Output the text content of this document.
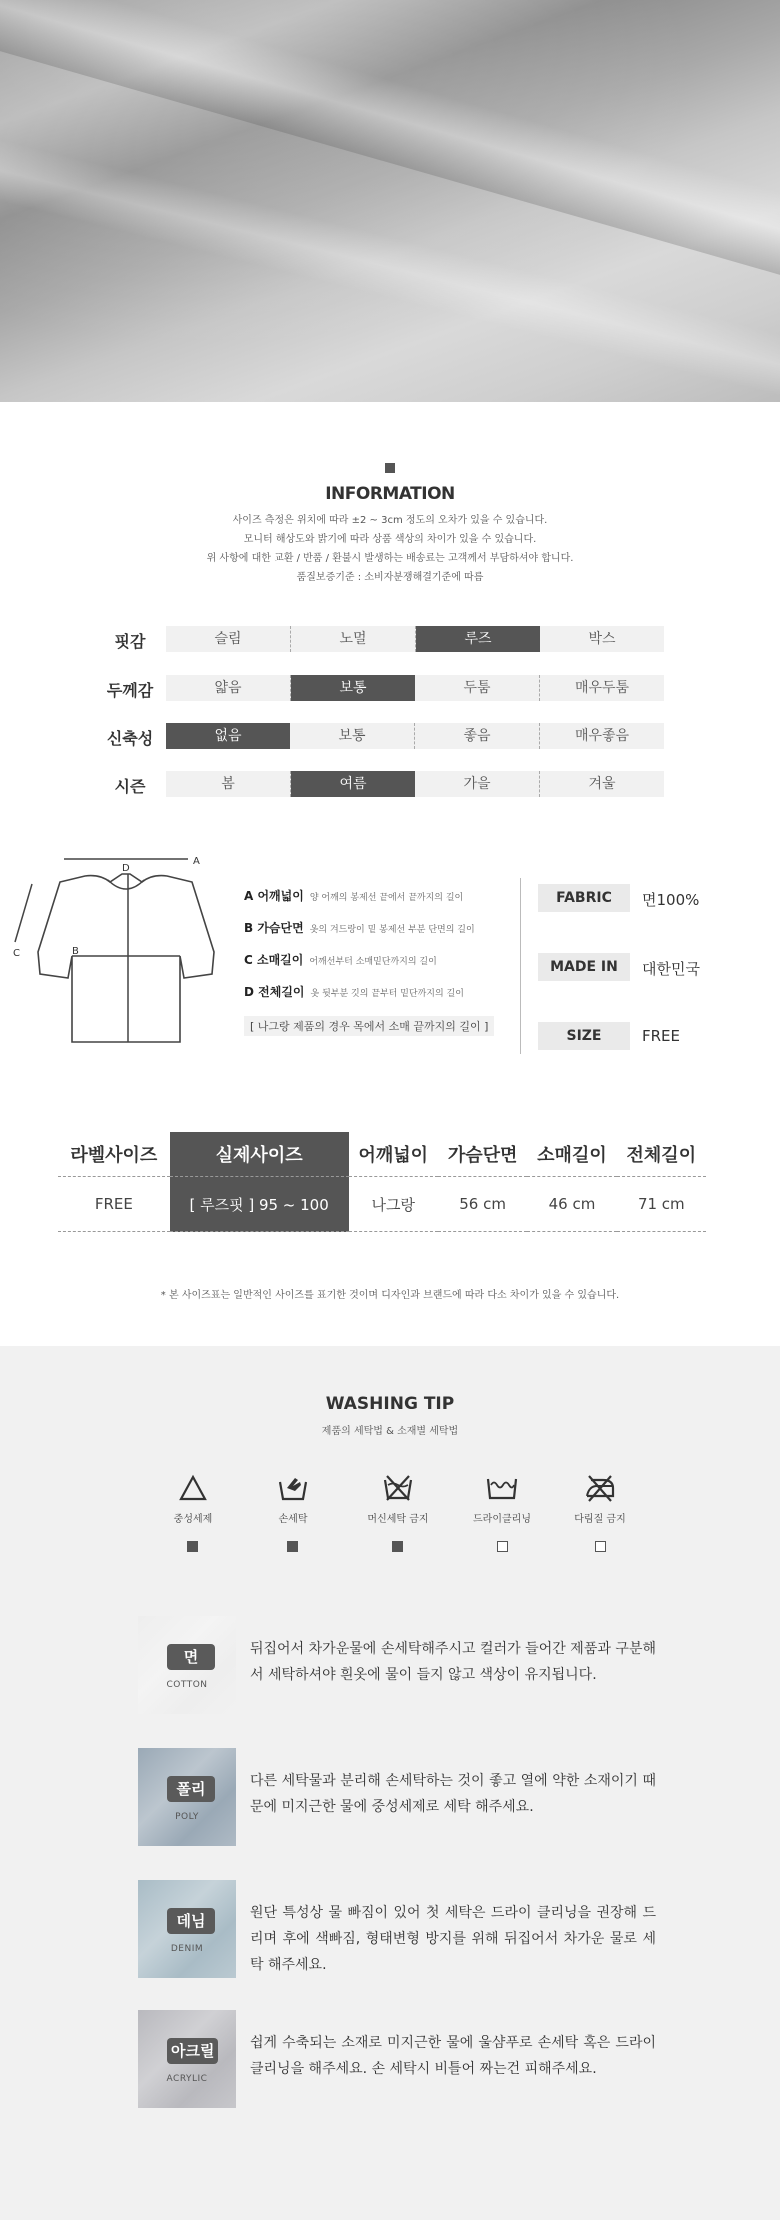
INFORMATION
사이즈 측정은 위치에 따라 ±2 ~ 3cm 정도의 오차가 있을 수 있습니다.
모니터 해상도와 밝기에 따라 상품 색상의 차이가 있을 수 있습니다.
위 사항에 대한 교환 / 반품 / 환불시 발생하는 배송료는 고객께서 부담하셔야 합니다.
품질보증기준 : 소비자분쟁해결기준에 따름
핏감	슬림	노멀	루즈	박스
두께감	얇음	보통	두툼	매우두툼
신축성	없음	보통	좋음	매우좋음
시즌	봄	여름	가을	겨울
A
B
C
D
A 어깨넓이 양 어깨의 봉제선 끝에서 끝까지의 길이
B 가슴단면 옷의 겨드랑이 밑 봉제선 부분 단면의 길이
C 소매길이 어깨선부터 소매밑단까지의 길이
D 전체길이 옷 뒷부분 깃의 끝부터 밑단까지의 길이
[ 나그랑 제품의 경우 목에서 소매 끝까지의 길이 ]
FABRIC	면100%
MADE IN	대한민국
SIZE	FREE
라벨사이즈	실제사이즈	어깨넓이	가슴단면	소매길이	전체길이
FREE	[ 루즈핏 ] 95 ~ 100	나그랑	56 cm	46 cm	71 cm
* 본 사이즈표는 일반적인 사이즈를 표기한 것이며 디자인과 브랜드에 따라 다소 차이가 있을 수 있습니다.
WASHING TIP
제품의 세탁법 & 소재별 세탁법
중성세제	손세탁	머신세탁 금지	드라이클리닝	다림질 금지
면
COTTON
뒤집어서 차가운물에 손세탁해주시고 컬러가 들어간 제품과 구분해서 세탁하셔야 흰옷에 물이 들지 않고 색상이 유지됩니다.
폴리
POLY
다른 세탁물과 분리해 손세탁하는 것이 좋고 열에 약한 소재이기 때문에 미지근한 물에 중성세제로 세탁 해주세요.
데님
DENIM
원단 특성상 물 빠짐이 있어 첫 세탁은 드라이 클리닝을 권장해 드리며 후에 색빠짐, 형태변형 방지를 위해 뒤집어서 차가운 물로 세탁 해주세요.
아크릴
ACRYLIC
쉽게 수축되는 소재로 미지근한 물에 울샴푸로 손세탁 혹은 드라이 클리닝을 해주세요. 손 세탁시 비틀어 짜는건 피해주세요.
